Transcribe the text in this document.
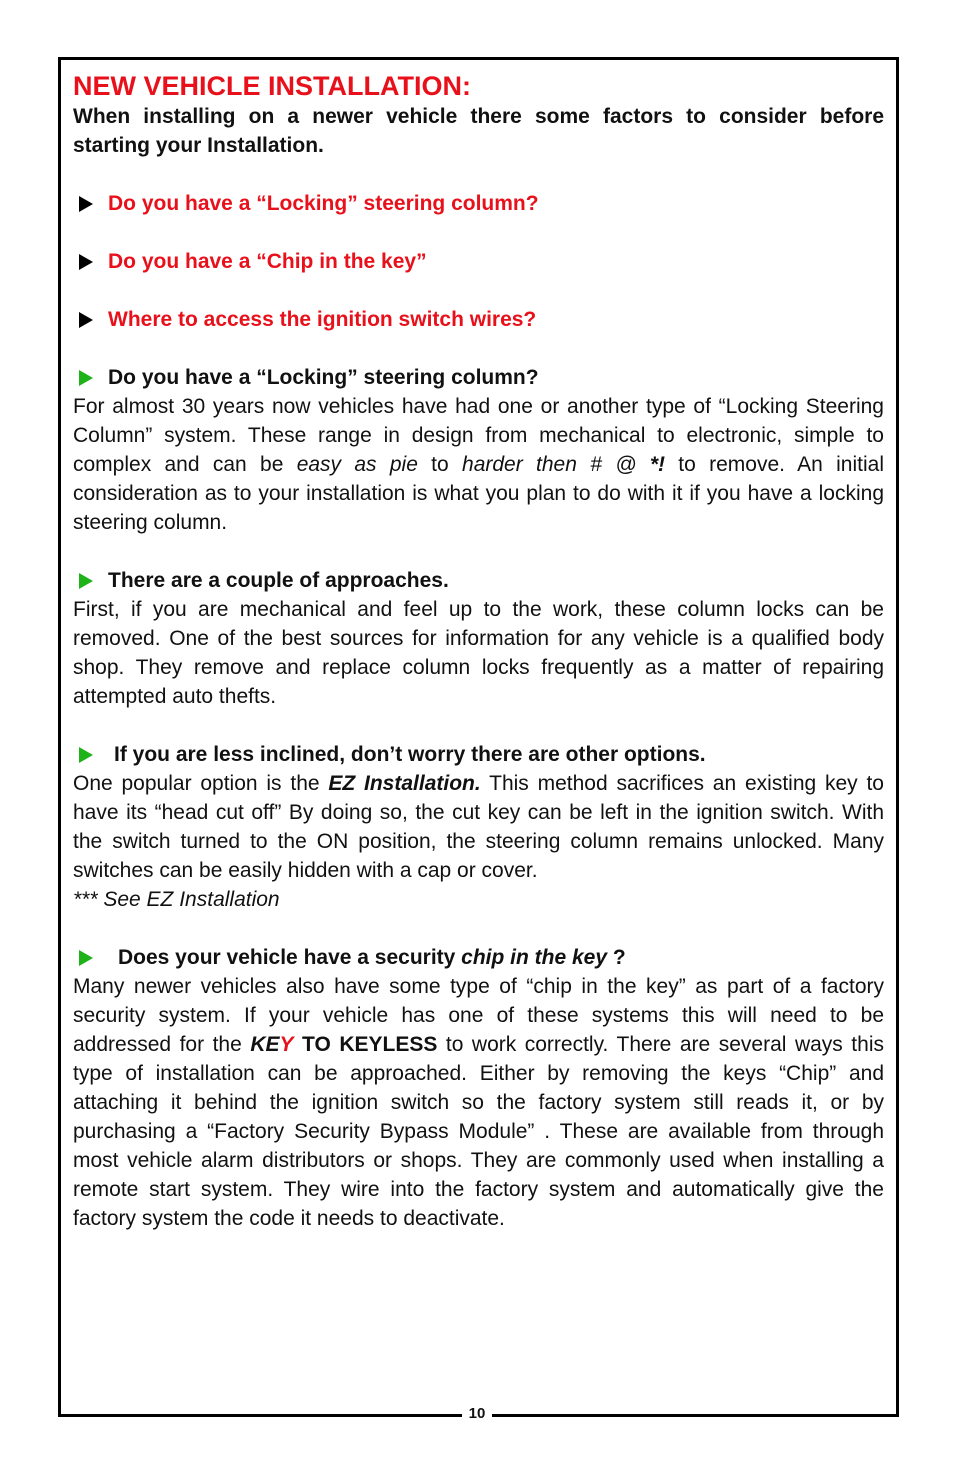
NEW VEHICLE INSTALLATION:

When installing on a newer vehicle there some factors to consider before starting your Installation.

Do you have a “Locking” steering column?
Do you have a “Chip in the key”
Where to access the ignition switch wires?
Do you have a “Locking” steering column?

For almost 30 years now vehicles have had one or another type of “Locking Steering Column” system. These range in design from mechanical to electronic, simple to complex and can be easy as pie to harder then # @ *! to remove. An initial consideration as to your installation is what you plan to do with it if you have a locking steering column.

There are a couple of approaches.

First, if you are mechanical and feel up to the work, these column locks can be removed. One of the best sources for information for any vehicle is a qualified body shop. They remove and replace column locks frequently as a matter of repairing attempted auto thefts.

If you are less inclined, don’t worry there are other options.

One popular option is the EZ Installation. This method sacrifices an existing key to have its “head cut off” By doing so, the cut key can be left in the ignition switch. With the switch turned to the ON position, the steering column remains unlocked. Many switches can be easily hidden with a cap or cover.

*** See EZ Installation

Does your vehicle have a security chip in the key ?

Many newer vehicles also have some type of “chip in the key” as part of a factory security system. If your vehicle has one of these systems this will need to be addressed for the KEY TO KEYLESS to work correctly. There are several ways this type of installation can be approached. Either by removing the keys “Chip” and attaching it behind the ignition switch so the factory system still reads it, or by purchasing a “Factory Security Bypass Module” . These are available from through most vehicle alarm distributors or shops. They are commonly used when installing a remote start system. They wire into the factory system and automatically give the factory system the code it needs to deactivate.

10
